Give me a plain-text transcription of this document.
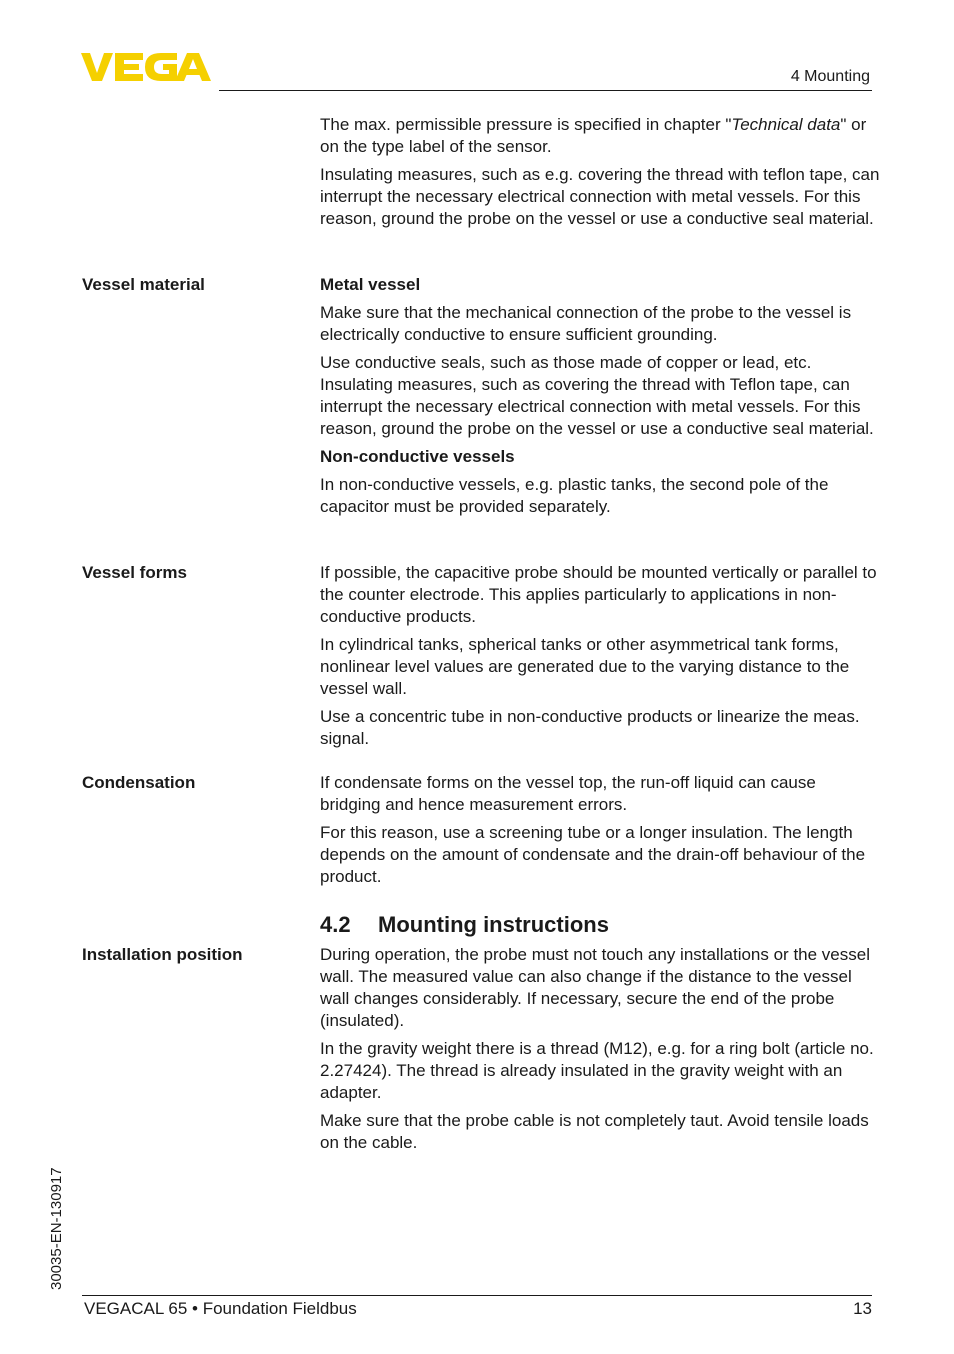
4 Mounting

The max. permissible pressure is specified in chapter "Technical data" or on the type label of the sensor.

Insulating measures, such as e.g. covering the thread with teflon tape, can interrupt the necessary electrical connection with metal vessels. For this reason, ground the probe on the vessel or use a conductive seal material.

Vessel material	Metal vessel

Make sure that the mechanical connection of the probe to the vessel is electrically conductive to ensure sufficient grounding.

Use conductive seals, such as those made of copper or lead, etc. Insulating measures, such as covering the thread with Teflon tape, can interrupt the necessary electrical connection with metal vessels. For this reason, ground the probe on the vessel or use a conductive seal material.

Non-conductive vessels

In non-conductive vessels, e.g. plastic tanks, the second pole of the capacitor must be provided separately.

Vessel forms	If possible, the capacitive probe should be mounted vertically or parallel to the counter electrode. This applies particularly to applications in non-conductive products.

In cylindrical tanks, spherical tanks or other asymmetrical tank forms, nonlinear level values are generated due to the varying distance to the vessel wall.

Use a concentric tube in non-conductive products or linearize the meas. signal.

Condensation	If condensate forms on the vessel top, the run-off liquid can cause bridging and hence measurement errors.

For this reason, use a screening tube or a longer insulation. The length depends on the amount of condensate and the drain-off behaviour of the product.

4.2 Mounting instructions
Installation position	During operation, the probe must not touch any installations or the vessel wall. The measured value can also change if the distance to the vessel wall changes considerably. If necessary, secure the end of the probe (insulated).

In the gravity weight there is a thread (M12), e.g. for a ring bolt (article no. 2.27424). The thread is already insulated in the gravity weight with an adapter.

Make sure that the probe cable is not completely taut. Avoid tensile loads on the cable.

30035-EN-130917
VEGACAL 65 • Foundation Fieldbus	13
